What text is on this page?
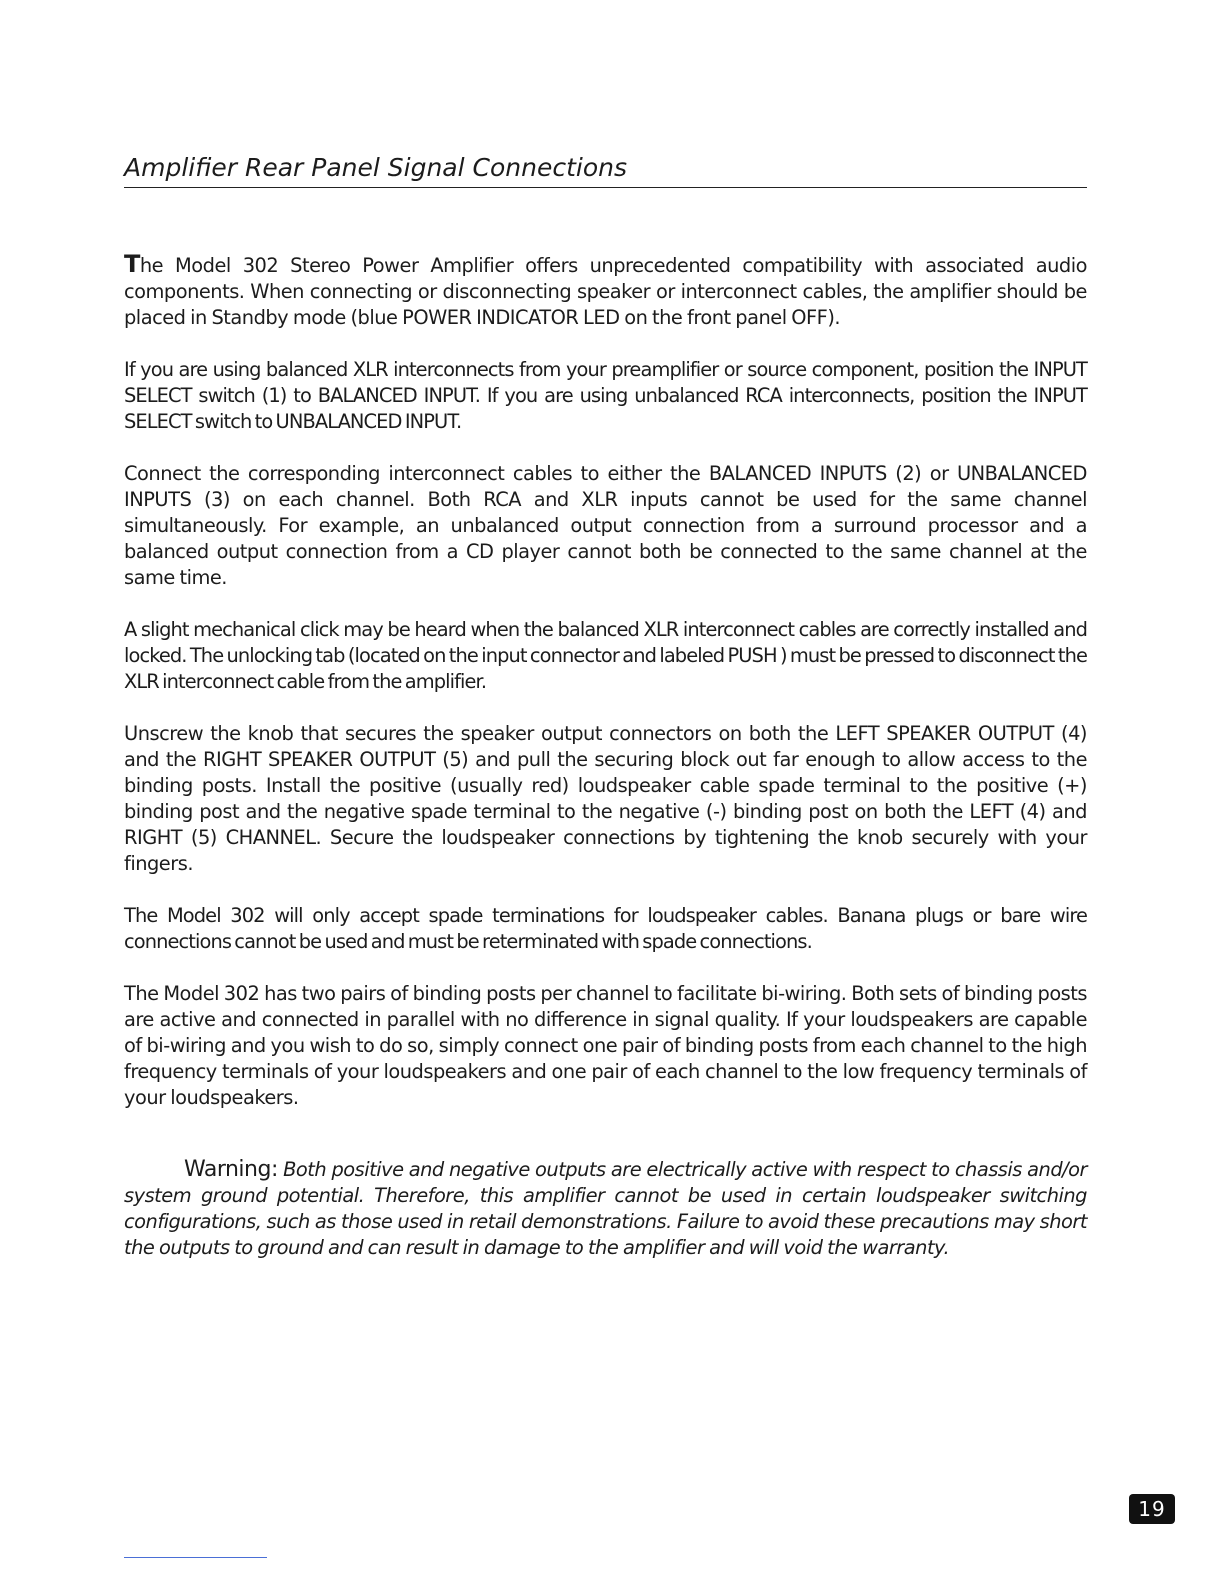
Amplifier Rear Panel Signal Connections

The Model 302 Stereo Power Amplifier offers unprecedented compatibility with associated audio components. When connecting or disconnecting speaker or interconnect cables, the amplifier should be placed in Standby mode (blue POWER INDICATOR LED on the front panel OFF).

If you are using balanced XLR interconnects from your preamplifier or source component, position the INPUT SELECT switch (1) to BALANCED INPUT. If you are using unbalanced RCA interconnects, position the INPUT SELECT switch to UNBALANCED INPUT.

Connect the corresponding interconnect cables to either the BALANCED INPUTS (2) or UNBALANCED INPUTS (3) on each channel. Both RCA and XLR inputs cannot be used for the same channel simultaneously. For example, an unbalanced output connection from a surround processor and a balanced output connection from a CD player cannot both be connected to the same channel at the same time.

A slight mechanical click may be heard when the balanced XLR interconnect cables are correctly installed and locked. The unlocking tab (located on the input connector and labeled PUSH ) must be pressed to disconnect the XLR interconnect cable from the amplifier.

Unscrew the knob that secures the speaker output connectors on both the LEFT SPEAKER OUTPUT (4) and the RIGHT SPEAKER OUTPUT (5) and pull the securing block out far enough to allow access to the binding posts. Install the positive (usually red) loudspeaker cable spade terminal to the positive (+) binding post and the negative spade terminal to the negative (-) binding post on both the LEFT (4) and RIGHT (5) CHANNEL. Secure the loudspeaker connections by tightening the knob securely with your fingers.

The Model 302 will only accept spade terminations for loudspeaker cables. Banana plugs or bare wire connections cannot be used and must be reterminated with spade connections.

The Model 302 has two pairs of binding posts per channel to facilitate bi-wiring. Both sets of binding posts are active and connected in parallel with no difference in signal quality. If your loudspeakers are capable of bi-wiring and you wish to do so, simply connect one pair of binding posts from each channel to the high frequency terminals of your loudspeakers and one pair of each channel to the low frequency terminals of your loudspeakers.

Warning: Both positive and negative outputs are electrically active with respect to chassis and/or system ground potential. Therefore, this amplifier cannot be used in certain loudspeaker switching configurations, such as those used in retail demonstrations. Failure to avoid these precautions may short the outputs to ground and can result in damage to the amplifier and will void the warranty.

19
